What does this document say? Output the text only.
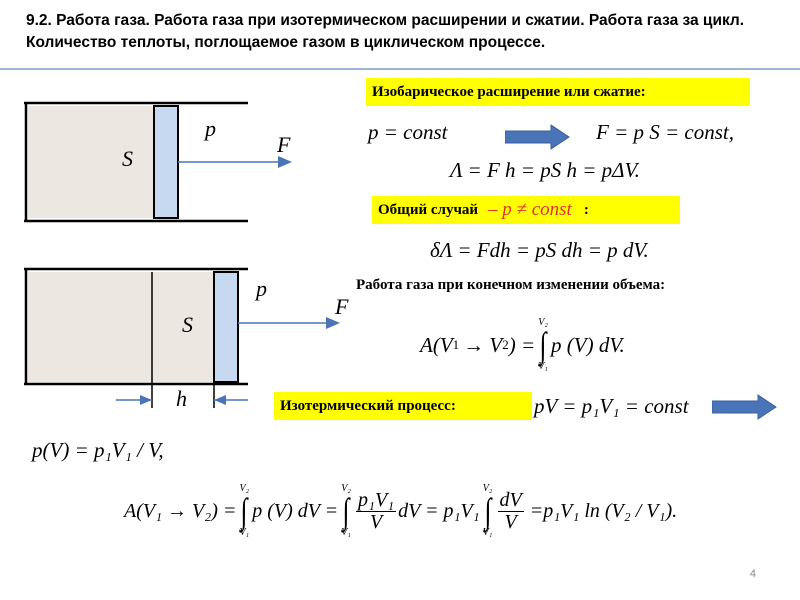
9.2. Работа газа. Работа газа при изотермическом расширении и сжатии. Работа газа за цикл. Количество теплоты, поглощаемое газом в циклическом процессе.
p
F
S
p
F
S
h
Изобарическое расширение или сжатие:
p = const	F = p S = const,
Λ = F h = pS h = pΔV.
Общий случай – p ≠ const :
δΛ = Fdh = pS dh = p dV.
Работа газа при конечном изменении объема:
A(V 1 → V 2 ) =
V₂
∫
V₁
p (V) dV.
Изотермический процесс:	pV = p₁V₁ = const
p(V) = p₁V₁ / V,
A(V₁ → V₂) =
V₂
∫
V₁
p (V) dV =
V₂
∫
$V_1 \frac{\text{p₁V₁}}{V}$ dV = p₁V₁
V₂
∫
$V_1 \frac{dV}{V} =p_1V_1$ ln (V₂ / V₁).
4
